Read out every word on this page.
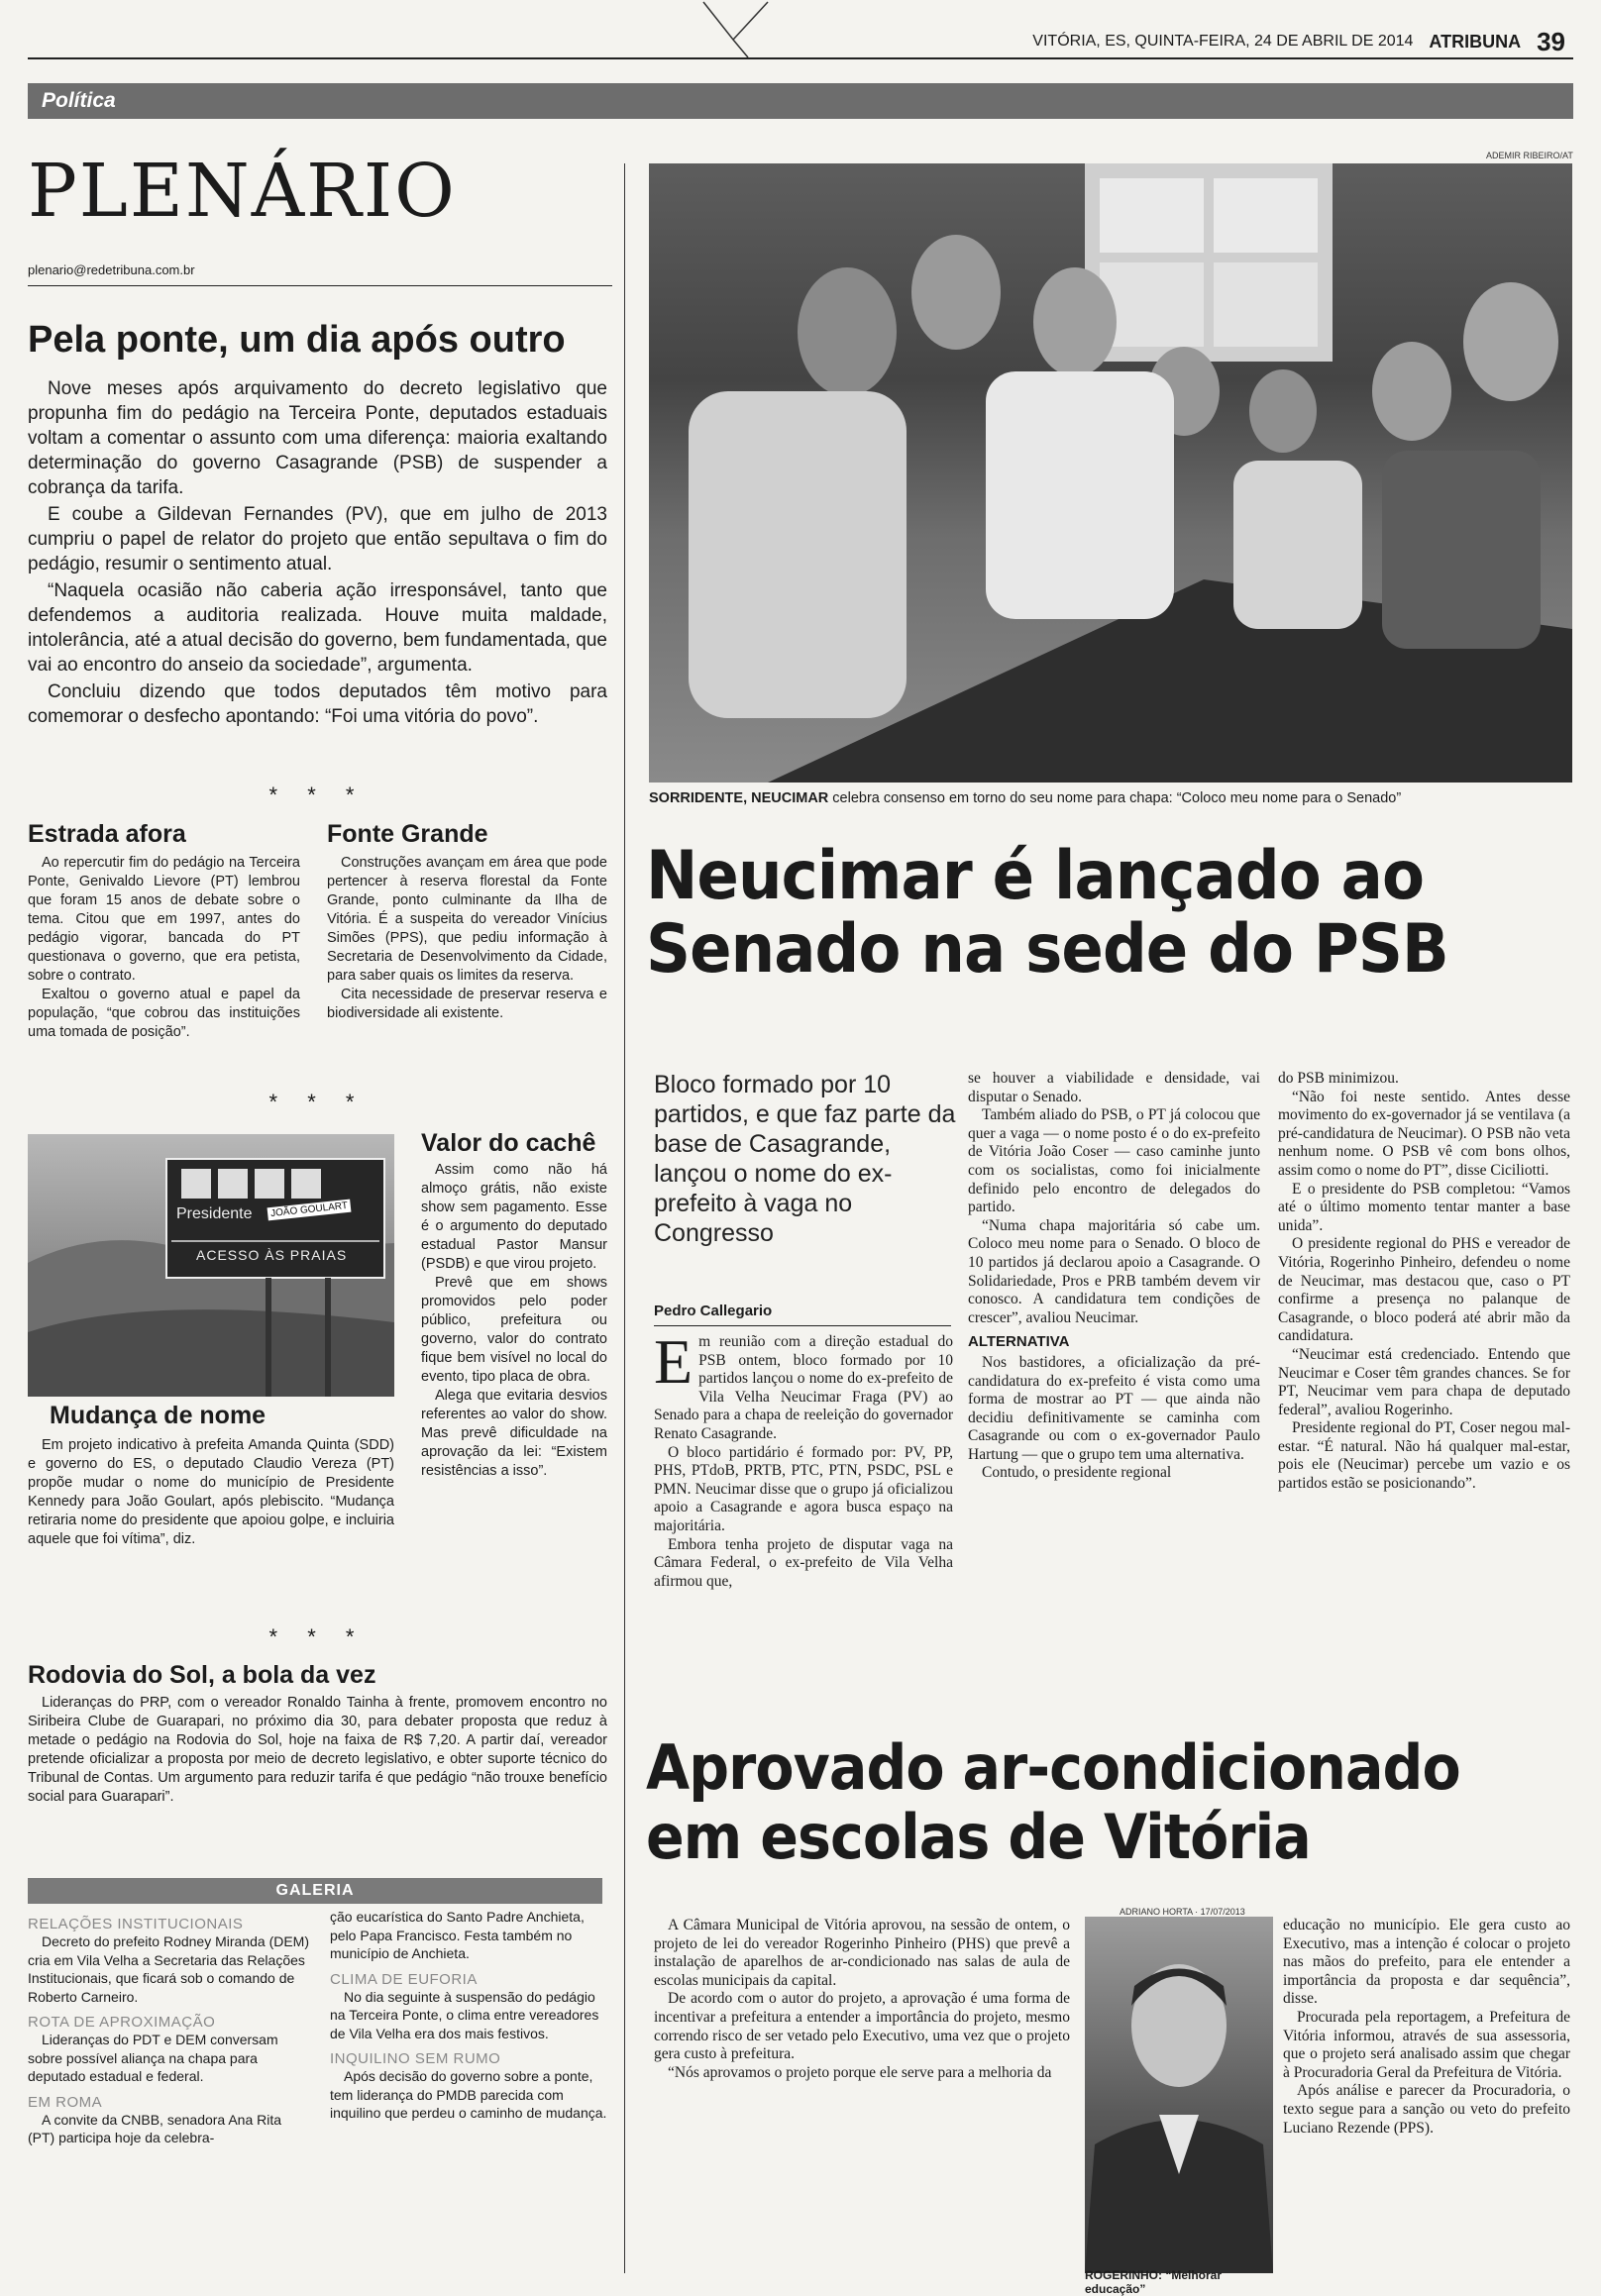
VITÓRIA, ES, QUINTA-FEIRA, 24 DE ABRIL DE 2014 ATRIBUNA 39
Política
PLENÁRIO
plenario@redetribuna.com.br
Pela ponte, um dia após outro

Nove meses após arquivamento do decreto legislativo que propunha fim do pedágio na Terceira Ponte, deputados estaduais voltam a comentar o assunto com uma diferença: maioria exaltando determinação do governo Casagrande (PSB) de suspender a cobrança da tarifa.

E coube a Gildevan Fernandes (PV), que em julho de 2013 cumpriu o papel de relator do projeto que então sepultava o fim do pedágio, resumir o sentimento atual.

“Naquela ocasião não caberia ação irresponsável, tanto que defendemos a auditoria realizada. Houve muita maldade, intolerância, até a atual decisão do governo, bem fundamentada, que vai ao encontro do anseio da sociedade”, argumenta.

Concluiu dizendo que todos deputados têm motivo para comemorar o desfecho apontando: “Foi uma vitória do povo”.

* * *
Estrada afora

Ao repercutir fim do pedágio na Terceira Ponte, Genivaldo Lievore (PT) lembrou que foram 15 anos de debate sobre o tema. Citou que em 1997, antes do pedágio vigorar, bancada do PT questionava o governo, que era petista, sobre o contrato.

Exaltou o governo atual e papel da população, “que cobrou das instituições uma tomada de posição”.

Fonte Grande

Construções avançam em área que pode pertencer à reserva florestal da Fonte Grande, ponto culminante da Ilha de Vitória. É a suspeita do vereador Vinícius Simões (PPS), que pediu informação à Secretaria de Desenvolvimento da Cidade, para saber quais os limites da reserva.

Cita necessidade de preservar reserva e biodiversidade ali existente.

* * *
Presidente	JOÃO GOULART
ACESSO ÀS PRAIAS
Valor do cachê

Assim como não há almoço grátis, não existe show sem pagamento. Esse é o argumento do deputado estadual Pastor Mansur (PSDB) e que virou projeto.

Prevê que em shows promovidos pelo poder público, prefeitura ou governo, valor do contrato fique bem visível no local do evento, tipo placa de obra.

Alega que evitaria desvios referentes ao valor do show. Mas prevê dificuldade na aprovação da lei: “Existem resistências a isso”.

Mudança de nome

Em projeto indicativo à prefeita Amanda Quinta (SDD) e governo do ES, o deputado Claudio Vereza (PT) propõe mudar o nome do município de Presidente Kennedy para João Goulart, após plebiscito. “Mudança retiraria nome do presidente que apoiou golpe, e incluiria aquele que foi vítima”, diz.

* * *
Rodovia do Sol, a bola da vez

Lideranças do PRP, com o vereador Ronaldo Tainha à frente, promovem encontro no Siribeira Clube de Guarapari, no próximo dia 30, para debater proposta que reduz à metade o pedágio na Rodovia do Sol, hoje na faixa de R$ 7,20. A partir daí, vereador pretende oficializar a proposta por meio de decreto legislativo, e obter suporte técnico do Tribunal de Contas. Um argumento para reduzir tarifa é que pedágio “não trouxe benefício social para Guarapari”.

GALERIA
RELAÇÕES INSTITUCIONAIS

Decreto do prefeito Rodney Miranda (DEM) cria em Vila Velha a Secretaria das Relações Institucionais, que ficará sob o comando de Roberto Carneiro.

ROTA DE APROXIMAÇÃO

Lideranças do PDT e DEM conversam sobre possível aliança na chapa para deputado estadual e federal.

EM ROMA

A convite da CNBB, senadora Ana Rita (PT) participa hoje da celebra-

ção eucarística do Santo Padre Anchieta, pelo Papa Francisco. Festa também no município de Anchieta.

CLIMA DE EUFORIA

No dia seguinte à suspensão do pedágio na Terceira Ponte, o clima entre vereadores de Vila Velha era dos mais festivos.

INQUILINO SEM RUMO

Após decisão do governo sobre a ponte, tem liderança do PMDB parecida com inquilino que perdeu o caminho de mudança.

ADEMIR RIBEIRO/AT
SORRIDENTE, NEUCIMAR celebra consenso em torno do seu nome para chapa: “Coloco meu nome para o Senado”
Neucimar é lançado ao
Senado na sede do PSB
Bloco formado por 10 partidos, e que faz parte da base de Casagrande, lançou o nome do ex-prefeito à vaga no Congresso
Pedro Callegario

Em reunião com a direção estadual do PSB ontem, bloco formado por 10 partidos lançou o nome do ex-prefeito de Vila Velha Neucimar Fraga (PV) ao Senado para a chapa de reeleição do governador Renato Casagrande.

O bloco partidário é formado por: PV, PP, PHS, PTdoB, PRTB, PTC, PTN, PSDC, PSL e PMN. Neucimar disse que o grupo já oficializou apoio a Casagrande e agora busca espaço na majoritária.

Embora tenha projeto de disputar vaga na Câmara Federal, o ex-prefeito de Vila Velha afirmou que,

se houver a viabilidade e densidade, vai disputar o Senado.

Também aliado do PSB, o PT já colocou que quer a vaga — o nome posto é o do ex-prefeito de Vitória João Coser — caso caminhe junto com os socialistas, como foi inicialmente definido pelo encontro de delegados do partido.

“Numa chapa majoritária só cabe um. Coloco meu nome para o Senado. O bloco de 10 partidos já declarou apoio a Casagrande. O Solidariedade, Pros e PRB também devem vir conosco. A candidatura tem condições de crescer”, avaliou Neucimar.

ALTERNATIVA

Nos bastidores, a oficialização da pré-candidatura do ex-prefeito é vista como uma forma de mostrar ao PT — que ainda não decidiu definitivamente se caminha com Casagrande ou com o ex-governador Paulo Hartung — que o grupo tem uma alternativa.

Contudo, o presidente regional

do PSB minimizou.

“Não foi neste sentido. Antes desse movimento do ex-governador já se ventilava (a pré-candidatura de Neucimar). O PSB não veta nenhum nome. O PSB vê com bons olhos, assim como o nome do PT”, disse Ciciliotti.

E o presidente do PSB completou: “Vamos até o último momento tentar manter a base unida”.

O presidente regional do PHS e vereador de Vitória, Rogerinho Pinheiro, defendeu o nome de Neucimar, mas destacou que, caso o PT confirme a presença no palanque de Casagrande, o bloco poderá até abrir mão da candidatura.

“Neucimar está credenciado. Entendo que Neucimar e Coser têm grandes chances. Se for PT, Neucimar vem para chapa de deputado federal”, avaliou Rogerinho.

Presidente regional do PT, Coser negou mal-estar. “É natural. Não há qualquer mal-estar, pois ele (Neucimar) percebe um vazio e os partidos estão se posicionando”.

Aprovado ar-condicionado
em escolas de Vitória

A Câmara Municipal de Vitória aprovou, na sessão de ontem, o projeto de lei do vereador Rogerinho Pinheiro (PHS) que prevê a instalação de aparelhos de ar-condicionado nas salas de aula de escolas municipais da capital.

De acordo com o autor do projeto, a aprovação é uma forma de incentivar a prefeitura a entender a importância do projeto, mesmo correndo risco de ser vetado pelo Executivo, uma vez que o projeto gera custo à prefeitura.

“Nós aprovamos o projeto porque ele serve para a melhoria da

ADRIANO HORTA · 17/07/2013
ROGERINHO: “Melhorar educação”

educação no município. Ele gera custo ao Executivo, mas a intenção é colocar o projeto nas mãos do prefeito, para ele entender a importância da proposta e dar sequência”, disse.

Procurada pela reportagem, a Prefeitura de Vitória informou, através de sua assessoria, que o projeto será analisado assim que chegar à Procuradoria Geral da Prefeitura de Vitória.

Após análise e parecer da Procuradoria, o texto segue para a sanção ou veto do prefeito Luciano Rezende (PPS).
